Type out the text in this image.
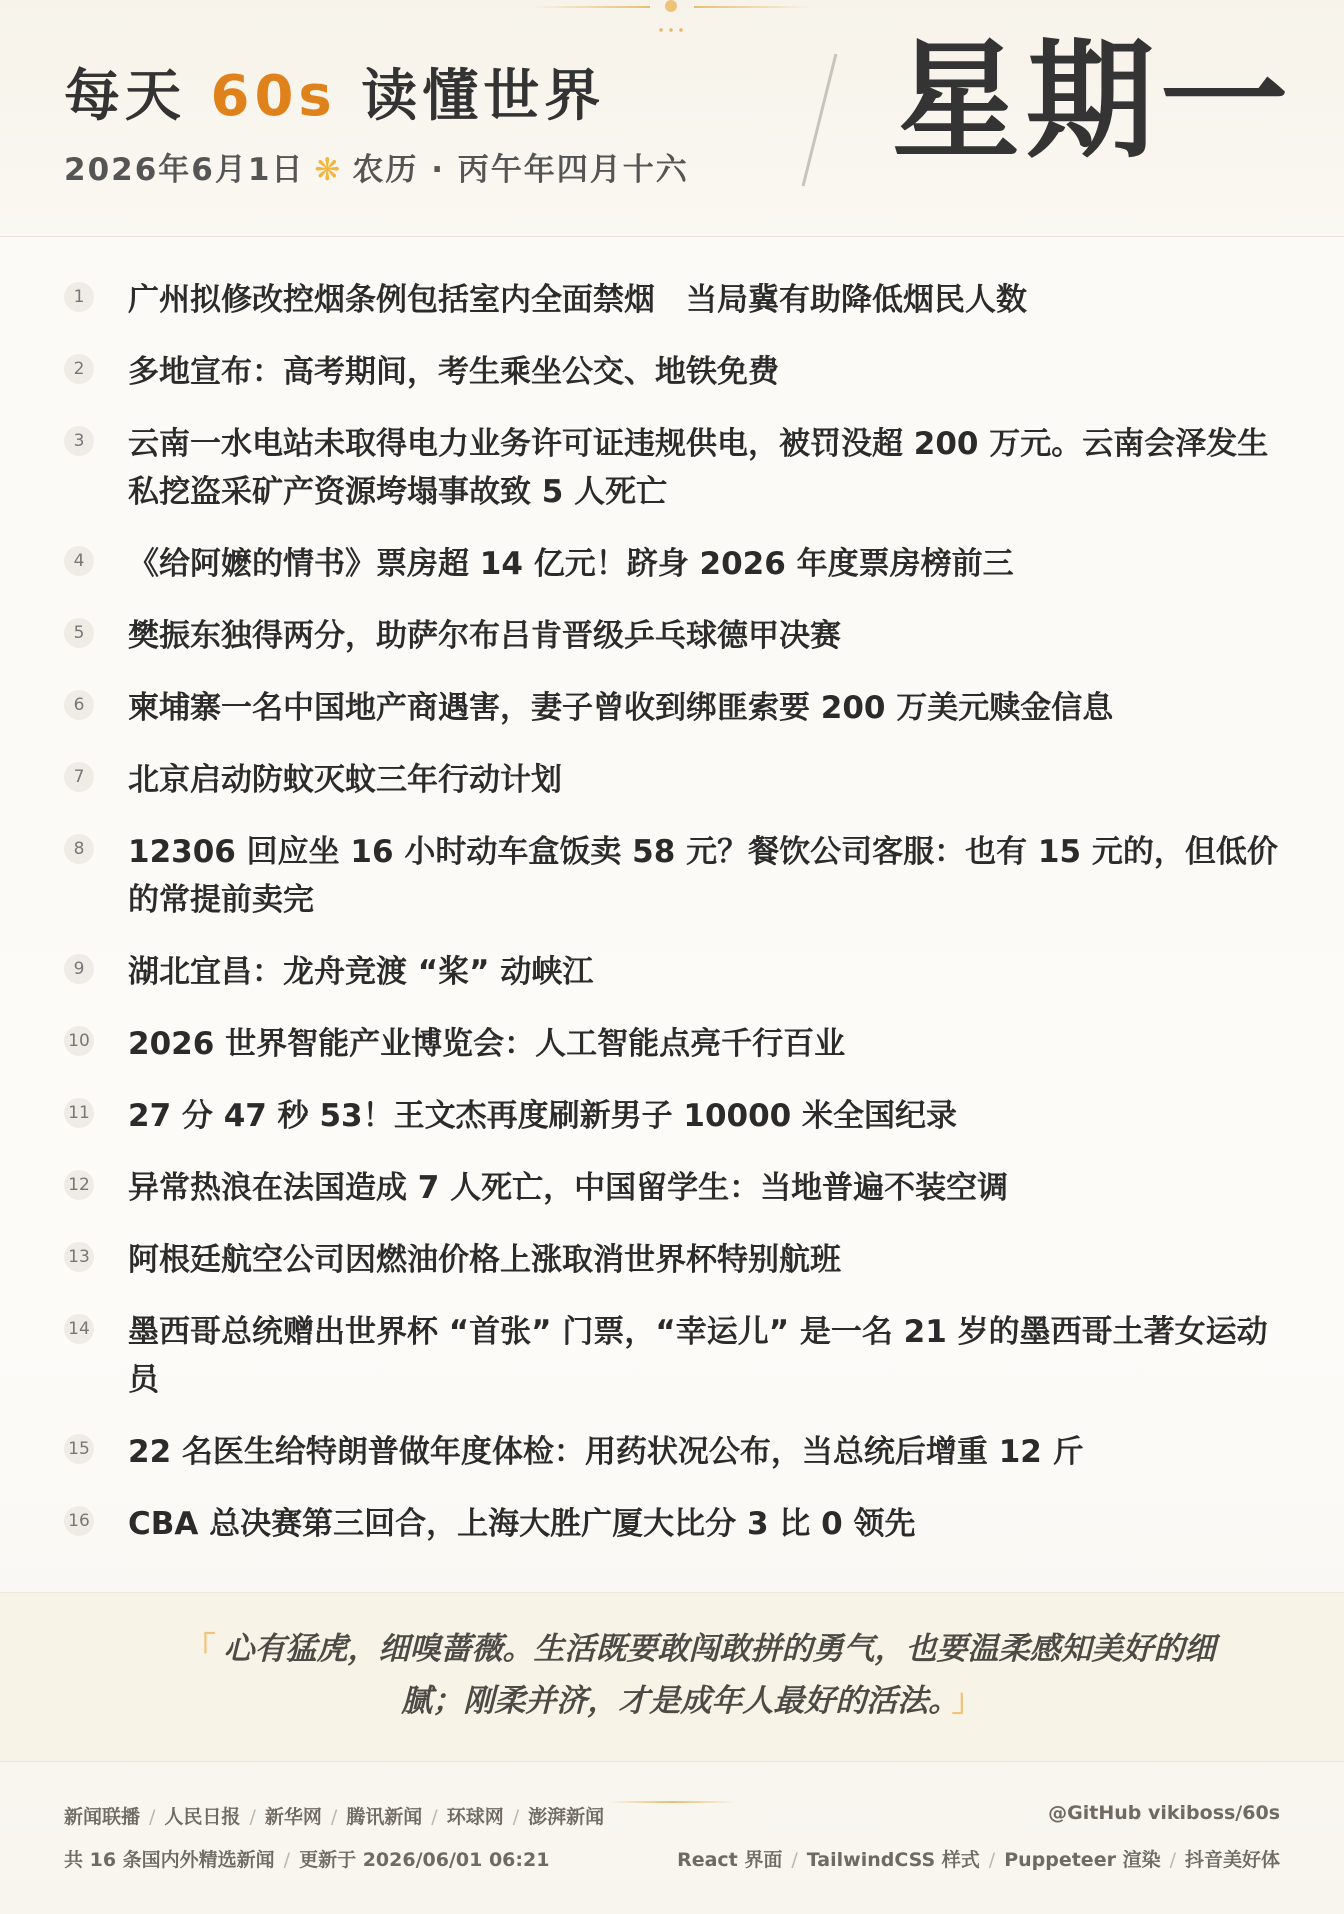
每天 60s 读懂世界
2026年6月1日 ❋ 农历 · 丙午年四月十六 星期一
1	广州拟修改控烟条例包括室内全面禁烟　当局冀有助降低烟民人数
2	多地宣布：高考期间，考生乘坐公交、地铁免费
3	云南一水电站未取得电力业务许可证违规供电，被罚没超 200 万元。云南会泽发生私挖盗采矿产资源垮塌事故致 5 人死亡
4	《给阿嬷的情书》票房超 14 亿元！跻身 2026 年度票房榜前三
5	樊振东独得两分，助萨尔布吕肯晋级乒乓球德甲决赛
6	柬埔寨一名中国地产商遇害，妻子曾收到绑匪索要 200 万美元赎金信息
7	北京启动防蚊灭蚊三年行动计划
8	12306 回应坐 16 小时动车盒饭卖 58 元？餐饮公司客服：也有 15 元的，但低价的常提前卖完
9	湖北宜昌：龙舟竞渡 “桨” 动峡江
10 2026 世界智能产业博览会：人工智能点亮千行百业
11 27 分 47 秒 53！王文杰再度刷新男子 10000 米全国纪录
12 异常热浪在法国造成 7 人死亡，中国留学生：当地普遍不装空调
13 阿根廷航空公司因燃油价格上涨取消世界杯特别航班
14 墨西哥总统赠出世界杯 “首张” 门票，“幸运儿” 是一名 21 岁的墨西哥土著女运动员
15 22 名医生给特朗普做年度体检：用药状况公布，当总统后增重 12 斤
16 CBA 总决赛第三回合，上海大胜广厦大比分 3 比 0 领先
「 心有猛虎，细嗅蔷薇。生活既要敢闯敢拼的勇气，也要温柔感知美好的细腻；刚柔并济，才是成年人最好的活法。 」
新闻联播 / 人民日报 / 新华网 / 腾讯新闻 / 环球网 / 澎湃新闻
共 16 条国内外精选新闻 / 更新于 2026/06/01 06:21
@GitHub vikiboss/60s
React 界面 / TailwindCSS 样式 / Puppeteer 渲染 / 抖音美好体
